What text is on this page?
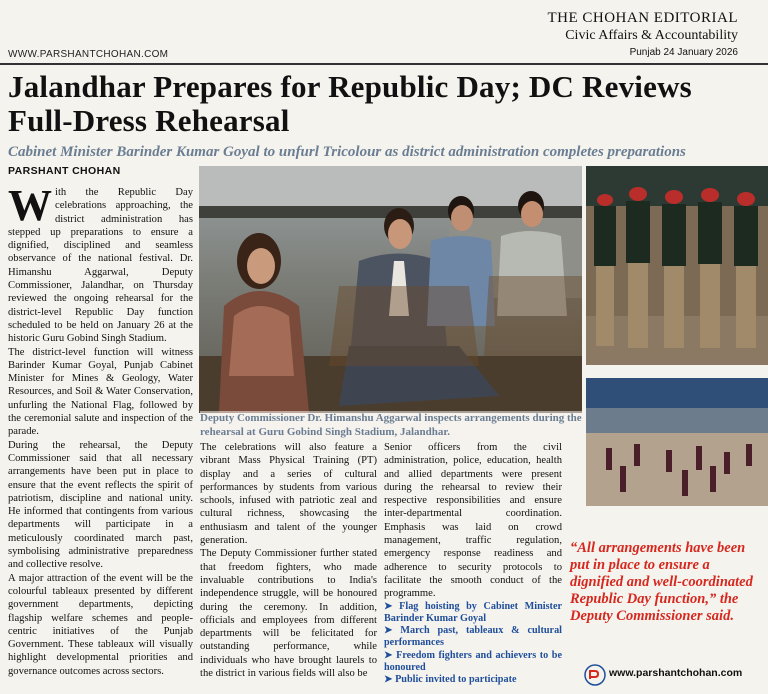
WWW.PARSHANTCHOHAN.COM
THE CHOHAN EDITORIAL
Civic Affairs & Accountability
Punjab 24 January 2026
Jalandhar Prepares for Republic Day; DC Reviews
Full-Dress Rehearsal
Cabinet Minister Barinder Kumar Goyal to unfurl Tricolour as district administration completes preparations
PARSHANT CHOHAN

With the Republic Day celebrations approaching, the district administration has stepped up preparations to ensure a dignified, disciplined and seamless observance of the national festival. Dr. Himanshu Aggarwal, Deputy Commissioner, Jalandhar, on Thursday reviewed the ongoing rehearsal for the district-level Republic Day function scheduled to be held on January 26 at the historic Guru Gobind Singh Stadium.

The district-level function will witness Barinder Kumar Goyal, Punjab Cabinet Minister for Mines & Geology, Water Resources, and Soil & Water Conservation, unfurling the National Flag, followed by the ceremonial salute and inspection of the parade.

During the rehearsal, the Deputy Commissioner said that all necessary arrangements have been put in place to ensure that the event reflects the spirit of patriotism, discipline and national unity. He informed that contingents from various departments will participate in a meticulously coordinated march past, symbolising administrative preparedness and collective resolve.

A major attraction of the event will be the colourful tableaux presented by different government departments, depicting flagship welfare schemes and people-centric initiatives of the Punjab Government. These tableaux will visually highlight developmental priorities and governance outcomes across sectors.

Deputy Commissioner Dr. Himanshu Aggarwal inspects arrangements during the rehearsal at Guru Gobind Singh Stadium, Jalandhar.

The celebrations will also feature a vibrant Mass Physical Training (PT) display and a series of cultural performances by students from various schools, infused with patriotic zeal and cultural richness, showcasing the enthusiasm and talent of the younger generation.

The Deputy Commissioner further stated that freedom fighters, who made invaluable contributions to India's independence struggle, will be honoured during the ceremony. In addition, officials and employees from different departments will be felicitated for outstanding performance, while individuals who have brought laurels to the district in various fields will also be

Senior officers from the civil administration, police, education, health and allied departments were present during the rehearsal to review their respective responsibilities and ensure inter-departmental coordination. Emphasis was laid on crowd management, traffic regulation, emergency response readiness and adherence to security protocols to facilitate the smooth conduct of the programme.

➤ Flag hoisting by Cabinet Minister Barinder Kumar Goyal
➤ March past, tableaux & cultural performances
➤ Freedom fighters and achievers to be honoured
➤ Public invited to participate
“All arrangements have been put in place to ensure a dignified and well-coordinated Republic Day function,” the Deputy Commissioner said.
www.parshantchohan.com
